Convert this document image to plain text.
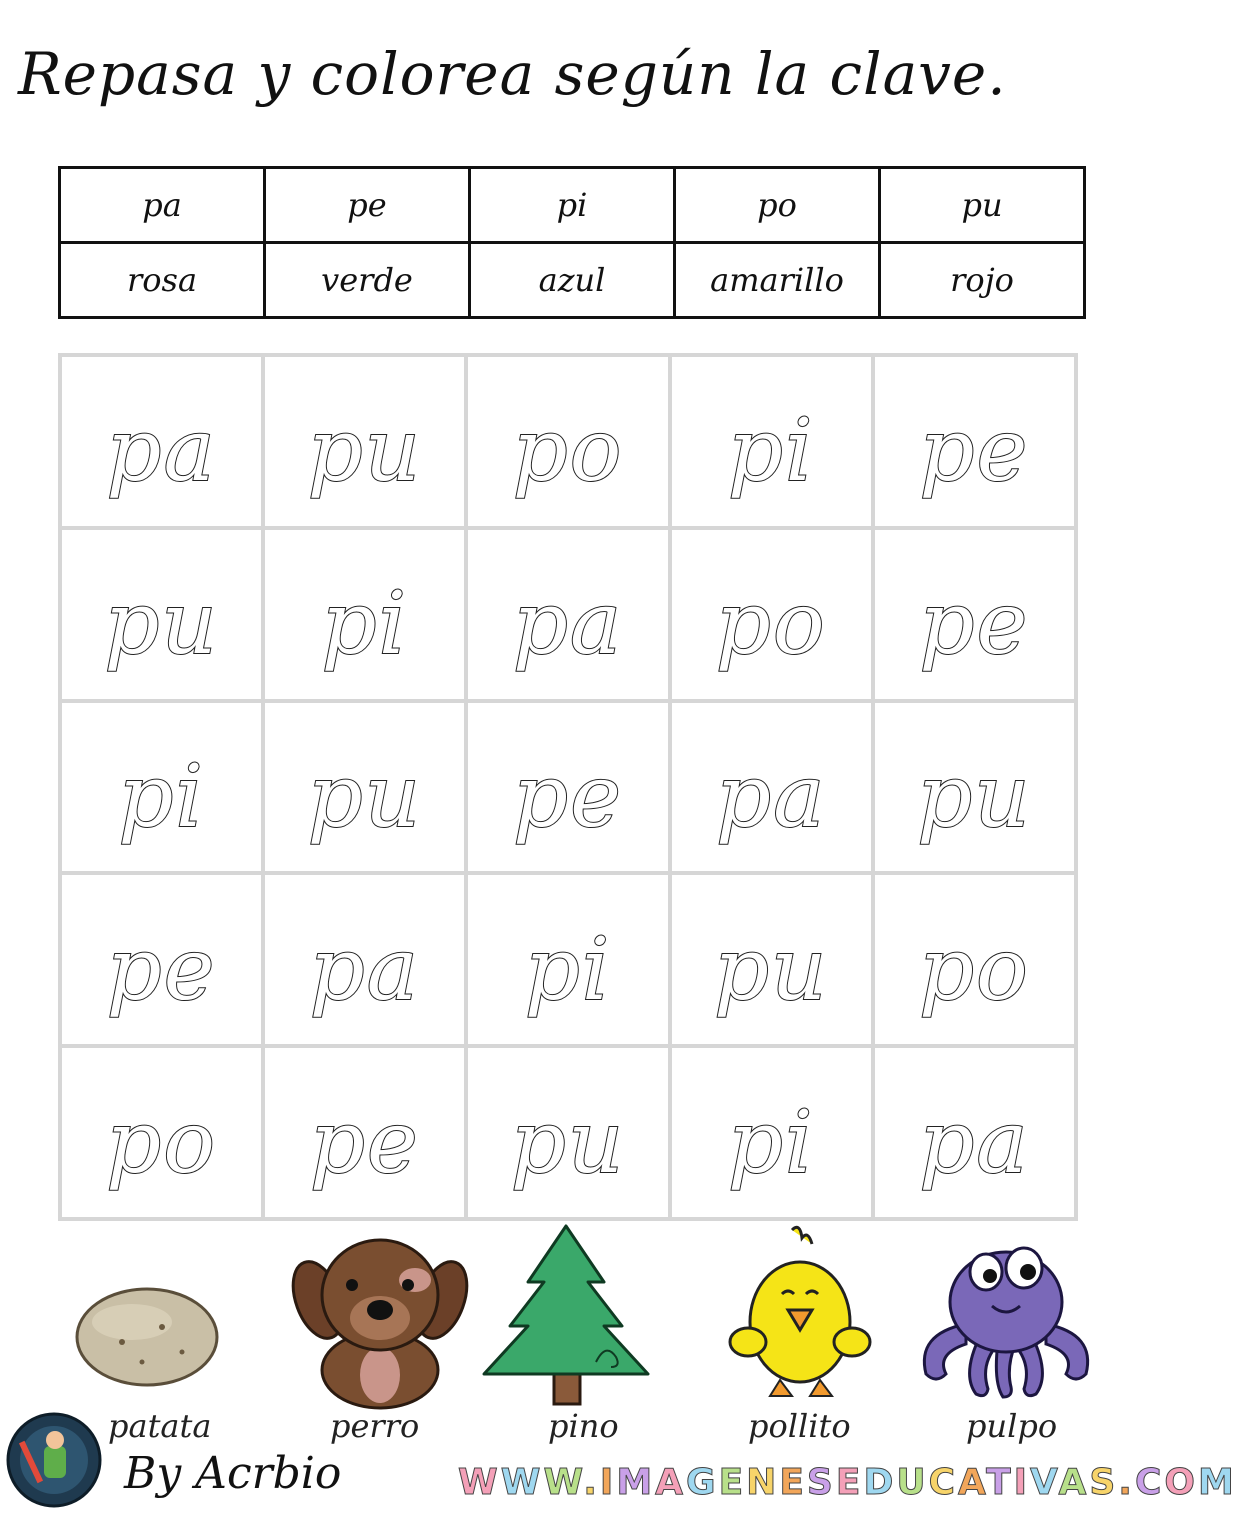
Repasa y colorea según la clave.
pa	pe	pi	po	pu
rosa	verde	azul	amarillo	rojo
pa pu po pi pe
pu pi pa po pe
pi pu pe pa pu
pe pa pi pu po
po pe pu pi pa
patata	perro	pino	pollito	pulpo
By Acrbio	WWW.IMAGENESEDUCATIVAS.COM
